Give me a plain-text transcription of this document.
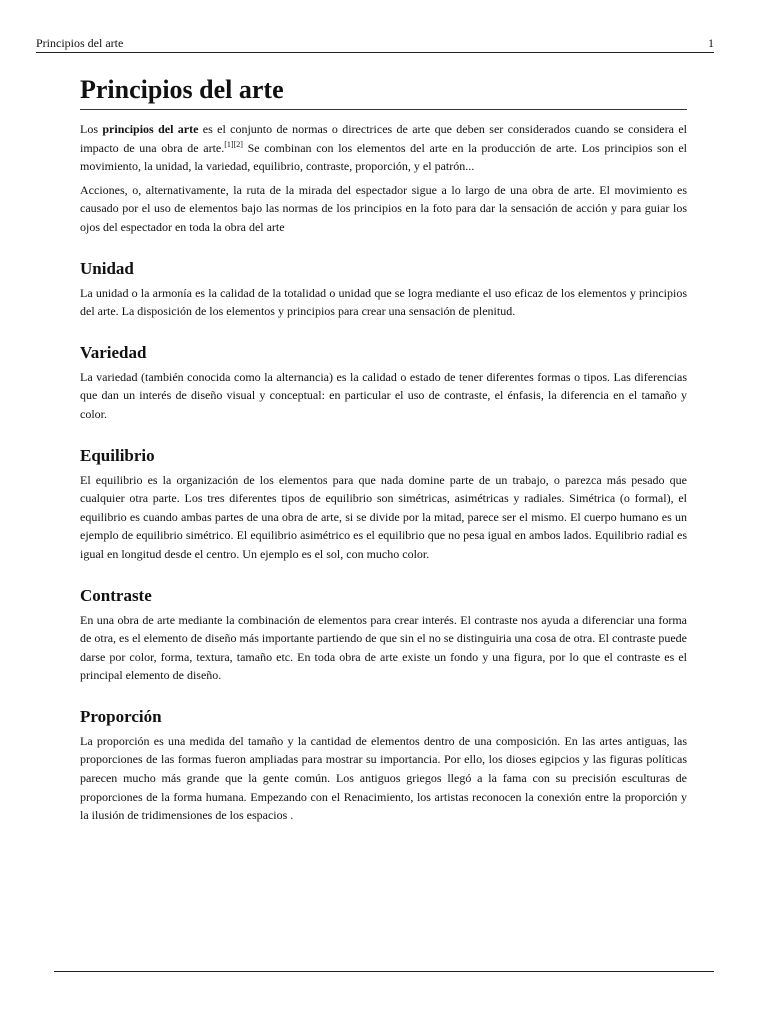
Principios del arte	1
Principios del arte

Los principios del arte es el conjunto de normas o directrices de arte que deben ser considerados cuando se considera el impacto de una obra de arte.[1][2] Se combinan con los elementos del arte en la producción de arte. Los principios son el movimiento, la unidad, la variedad, equilibrio, contraste, proporción, y el patrón...

Acciones, o, alternativamente, la ruta de la mirada del espectador sigue a lo largo de una obra de arte. El movimiento es causado por el uso de elementos bajo las normas de los principios en la foto para dar la sensación de acción y para guiar los ojos del espectador en toda la obra del arte

Unidad

La unidad o la armonía es la calidad de la totalidad o unidad que se logra mediante el uso eficaz de los elementos y principios del arte. La disposición de los elementos y principios para crear una sensación de plenitud.

Variedad

La variedad (también conocida como la alternancia) es la calidad o estado de tener diferentes formas o tipos. Las diferencias que dan un interés de diseño visual y conceptual: en particular el uso de contraste, el énfasis, la diferencia en el tamaño y color.

Equilibrio

El equilibrio es la organización de los elementos para que nada domine parte de un trabajo, o parezca más pesado que cualquier otra parte. Los tres diferentes tipos de equilibrio son simétricas, asimétricas y radiales. Simétrica (o formal), el equilibrio es cuando ambas partes de una obra de arte, si se divide por la mitad, parece ser el mismo. El cuerpo humano es un ejemplo de equilibrio simétrico. El equilibrio asimétrico es el equilibrio que no pesa igual en ambos lados. Equilibrio radial es igual en longitud desde el centro. Un ejemplo es el sol, con mucho color.

Contraste

En una obra de arte mediante la combinación de elementos para crear interés. El contraste nos ayuda a diferenciar una forma de otra, es el elemento de diseño más importante partiendo de que sin el no se distinguiria una cosa de otra. El contraste puede darse por color, forma, textura, tamaño etc. En toda obra de arte existe un fondo y una figura, por lo que el contraste es el principal elemento de diseño.

Proporción

La proporción es una medida del tamaño y la cantidad de elementos dentro de una composición. En las artes antiguas, las proporciones de las formas fueron ampliadas para mostrar su importancia. Por ello, los dioses egipcios y las figuras políticas parecen mucho más grande que la gente común. Los antiguos griegos llegó a la fama con su precisión esculturas de proporciones de la forma humana. Empezando con el Renacimiento, los artistas reconocen la conexión entre la proporción y la ilusión de tridimensiones de los espacios .
